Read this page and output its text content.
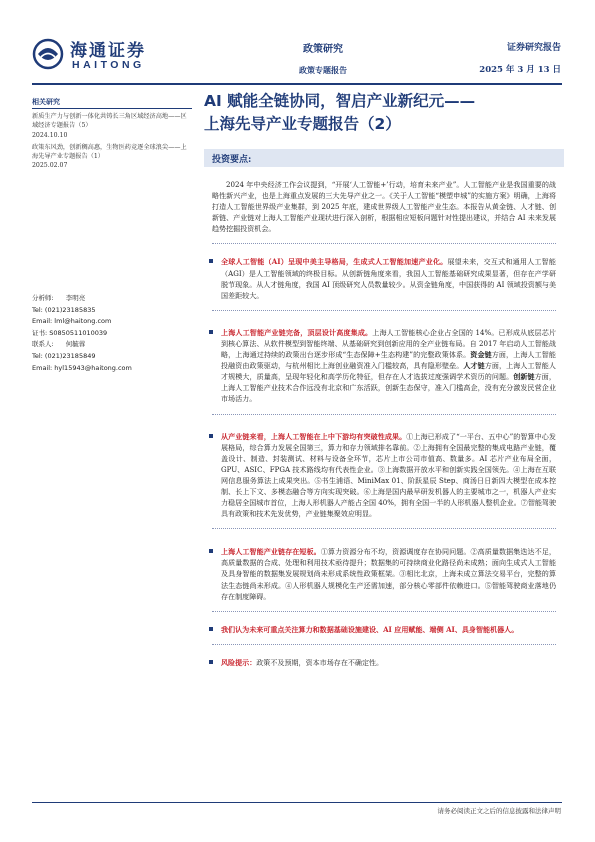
海通证券
HAITONG
政策研究
政策专题报告
证券研究报告
2025 年 3 月 13 日
AI 赋能全链协同，智启产业新纪元——
上海先导产业专题报告（2）
相关研究
新质生产力与创新一体化共铸长三角区域经济高地——区域经济专题报告（5）
2024.10.10
政策东风劲，创新稠高惠，生物医药竞逐全球浪尖——上海先导产业专题报告（1）
2025.02.07
分析师: 李明亮
Tel: (021)23185835
Email: lml@haitong.com
证书: S0850511010039
联系人: 何毓蓉
Tel: (021)23185849
Email: hyl15943@haitong.com
投资要点:

2024 年中央经济工作会议提到，“开展‘人工智能+’行动，培育未来产业”。人工智能产业是我国重要的战略性新兴产业，也是上海重点发展的三大先导产业之一。《关于人工智能“模塑申城”的实施方案》明确，上海将打造人工智能世界级产业集群，到 2025 年底，建成世界级人工智能产业生态。本报告从黄金链、人才链、创新链、产业链对上海人工智能产业现状进行深入剖析，根据相应短板问题针对性提出建议，并结合 AI 未来发展趋势挖掘投资机会。

全球人工智能（AI）呈现中美主导格局，生成式人工智能加速产业化。展望未来，交互式和通用人工智能（AGI）是人工智能领域的终极目标。从创新链角度来看，我国人工智能基础研究成果显著，但存在产学研脱节现象。从人才链角度，我国 AI 顶级研究人员数量较少。从资金链角度，中国获得的 AI 领域投资额与美国差距较大。
上海人工智能产业链完备，顶层设计高度集成。上海人工智能核心企业占全国的 14%。已形成从底层芯片到核心算法、从软件模型到智能终端、从基础研究到创新应用的全产业链布局。自 2017 年启动人工智能战略，上海通过持续的政策出台逐步形成“生态保障+生态构建”的完整政策体系。资金链方面，上海人工智能投融资由政策驱动，与杭州相比上海创业融资准入门槛较高，具有隐形壁垒。人才链方面，上海人工智能人才规模大，质量高，呈现年轻化和高学历化特征，但存在人才选拔过度强调学术资历的问题。创新链方面，上海人工智能产业技术合作远没有北京和广东活跃，创新生态保守，准入门槛高企，没有充分激发民营企业市场活力。
从产业链来看，上海人工智能在上中下游均有突破性成果。①上海已形成了“一平台、五中心”的智算中心发展格局，综合算力发展全国第三，算力和存力领域排名靠前。②上海拥有全国最完整的集成电路产业链，覆盖设计、制造、封装测试、材料与设备全环节，芯片上市公司市值高、数量多。AI 芯片产业布局全面，GPU、ASIC、FPGA 技术路线均有代表性企业。③上海数据开放水平和创新实践全国领先。④上海在互联网信息服务算法上成果突出。⑤书生浦语、MiniMax 01、阶跃星辰 Step、商汤日日新四大模型在成本控制、长上下文、多模态融合等方向实现突破。⑥上海是国内最早研发机器人的主要城市之一，机器人产业实力稳居全国城市首位，上海人形机器人产能占全国 40%，拥有全国一半的人形机器人整机企业。⑦智能驾驶具有政策和技术先发优势，产业链集聚效应明显。
上海人工智能产业链存在短板。①算力资源分布不均，资源调度存在协同问题。②高质量数据集迭达不足，高质量数据的合成、处理和利用技术亟待提升；数据集的可持续商业化路径尚未成熟；面向生成式人工智能及具身智能的数据集发展规划尚未形成系统性政策框架。③相比北京，上海未成立算法交易平台，完整的算法生态链尚未形成。④人形机器人规模化生产还需加速，部分核心零部件依赖进口。⑤智能驾驶商业落地仍存在制度障碍。
我们认为未来可重点关注算力和数据基础设施建设、AI 应用赋能、端侧 AI、具身智能机器人。
风险提示：政策不及预期，资本市场存在不确定性。
请务必阅读正文之后的信息披露和法律声明
